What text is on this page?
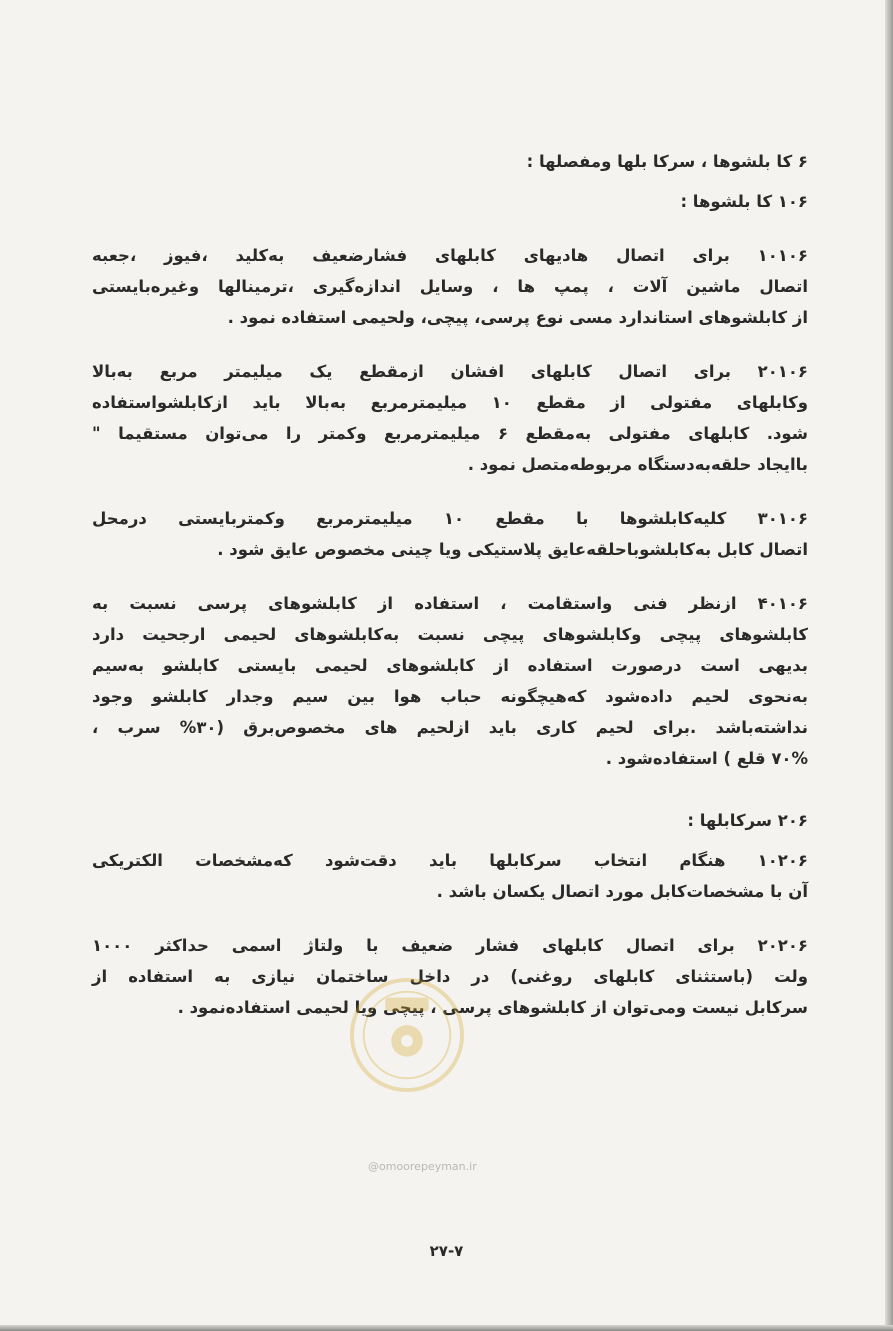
۶ کا بلشوها ، سرکا بلها ومفصلها :

۱۰۶ کا بلشوها :

۱۰۱۰۶ برای اتصال هادیهای کابلهای فشارضعیف به‌کلید ،فیوز ،جعبه

اتصال ماشین آلات ، پمپ ها ، وسایل اندازه‌گیری ،ترمینالها وغیره‌بایستی

از کابلشوهای استاندارد مسی نوع پرسی، پیچی، ولحیمی استفاده نمود .

۲۰۱۰۶ برای اتصال کابلهای افشان ازمقطع یک میلیمتر مربع به‌بالا

وکابلهای مفتولی از مقطع ۱۰ میلیمترمربع به‌بالا باید ازکابلشواستفاده

شود. کابلهای مفتولی به‌مقطع ۶ میلیمترمربع وکمتر را می‌توان مستقیما "

باایجاد حلقه‌به‌دستگاه مربوطه‌متصل نمود .

۳۰۱۰۶ کلیه‌کابلشوها با مقطع ۱۰ میلیمترمربع وکمتربایستی درمحل

اتصال کابل به‌کابلشوباحلقه‌عایق پلاستیکی ویا چینی مخصوص عایق شود .

۴۰۱۰۶ ازنظر فنی واستقامت ، استفاده از کابلشوهای پرسی نسبت به

کابلشوهای پیچی وکابلشوهای پیچی نسبت به‌کابلشوهای لحیمی ارجحیت دارد

بدیهی است درصورت استفاده از کابلشوهای لحیمی بایستی کابلشو به‌سیم

به‌نحوی لحیم داده‌شود که‌هیچگونه حباب هوا بین سیم وجدار کابلشو وجود

نداشته‌باشد .برای لحیم کاری باید ازلحیم های مخصوص‌برق (۳۰% سرب ،

۷۰% قلع ) استفاده‌شود .

۲۰۶ سرکابلها :

۱۰۲۰۶ هنگام انتخاب سرکابلها باید دقت‌شود که‌مشخصات الکتریکی

آن با مشخصات‌کابل مورد اتصال یکسان باشد .

۲۰۲۰۶ برای اتصال کابلهای فشار ضعیف با ولتاژ اسمی حداکثر ۱۰۰۰

ولت (باستثنای کابلهای روغنی) در داخل ساختمان نیازی به استفاده از

سرکابل نیست ومی‌توان از کابلشوهای پرسی ، پیچی ویا لحیمی استفاده‌نمود .

@omoorepeyman.ir
۲۷-۷
